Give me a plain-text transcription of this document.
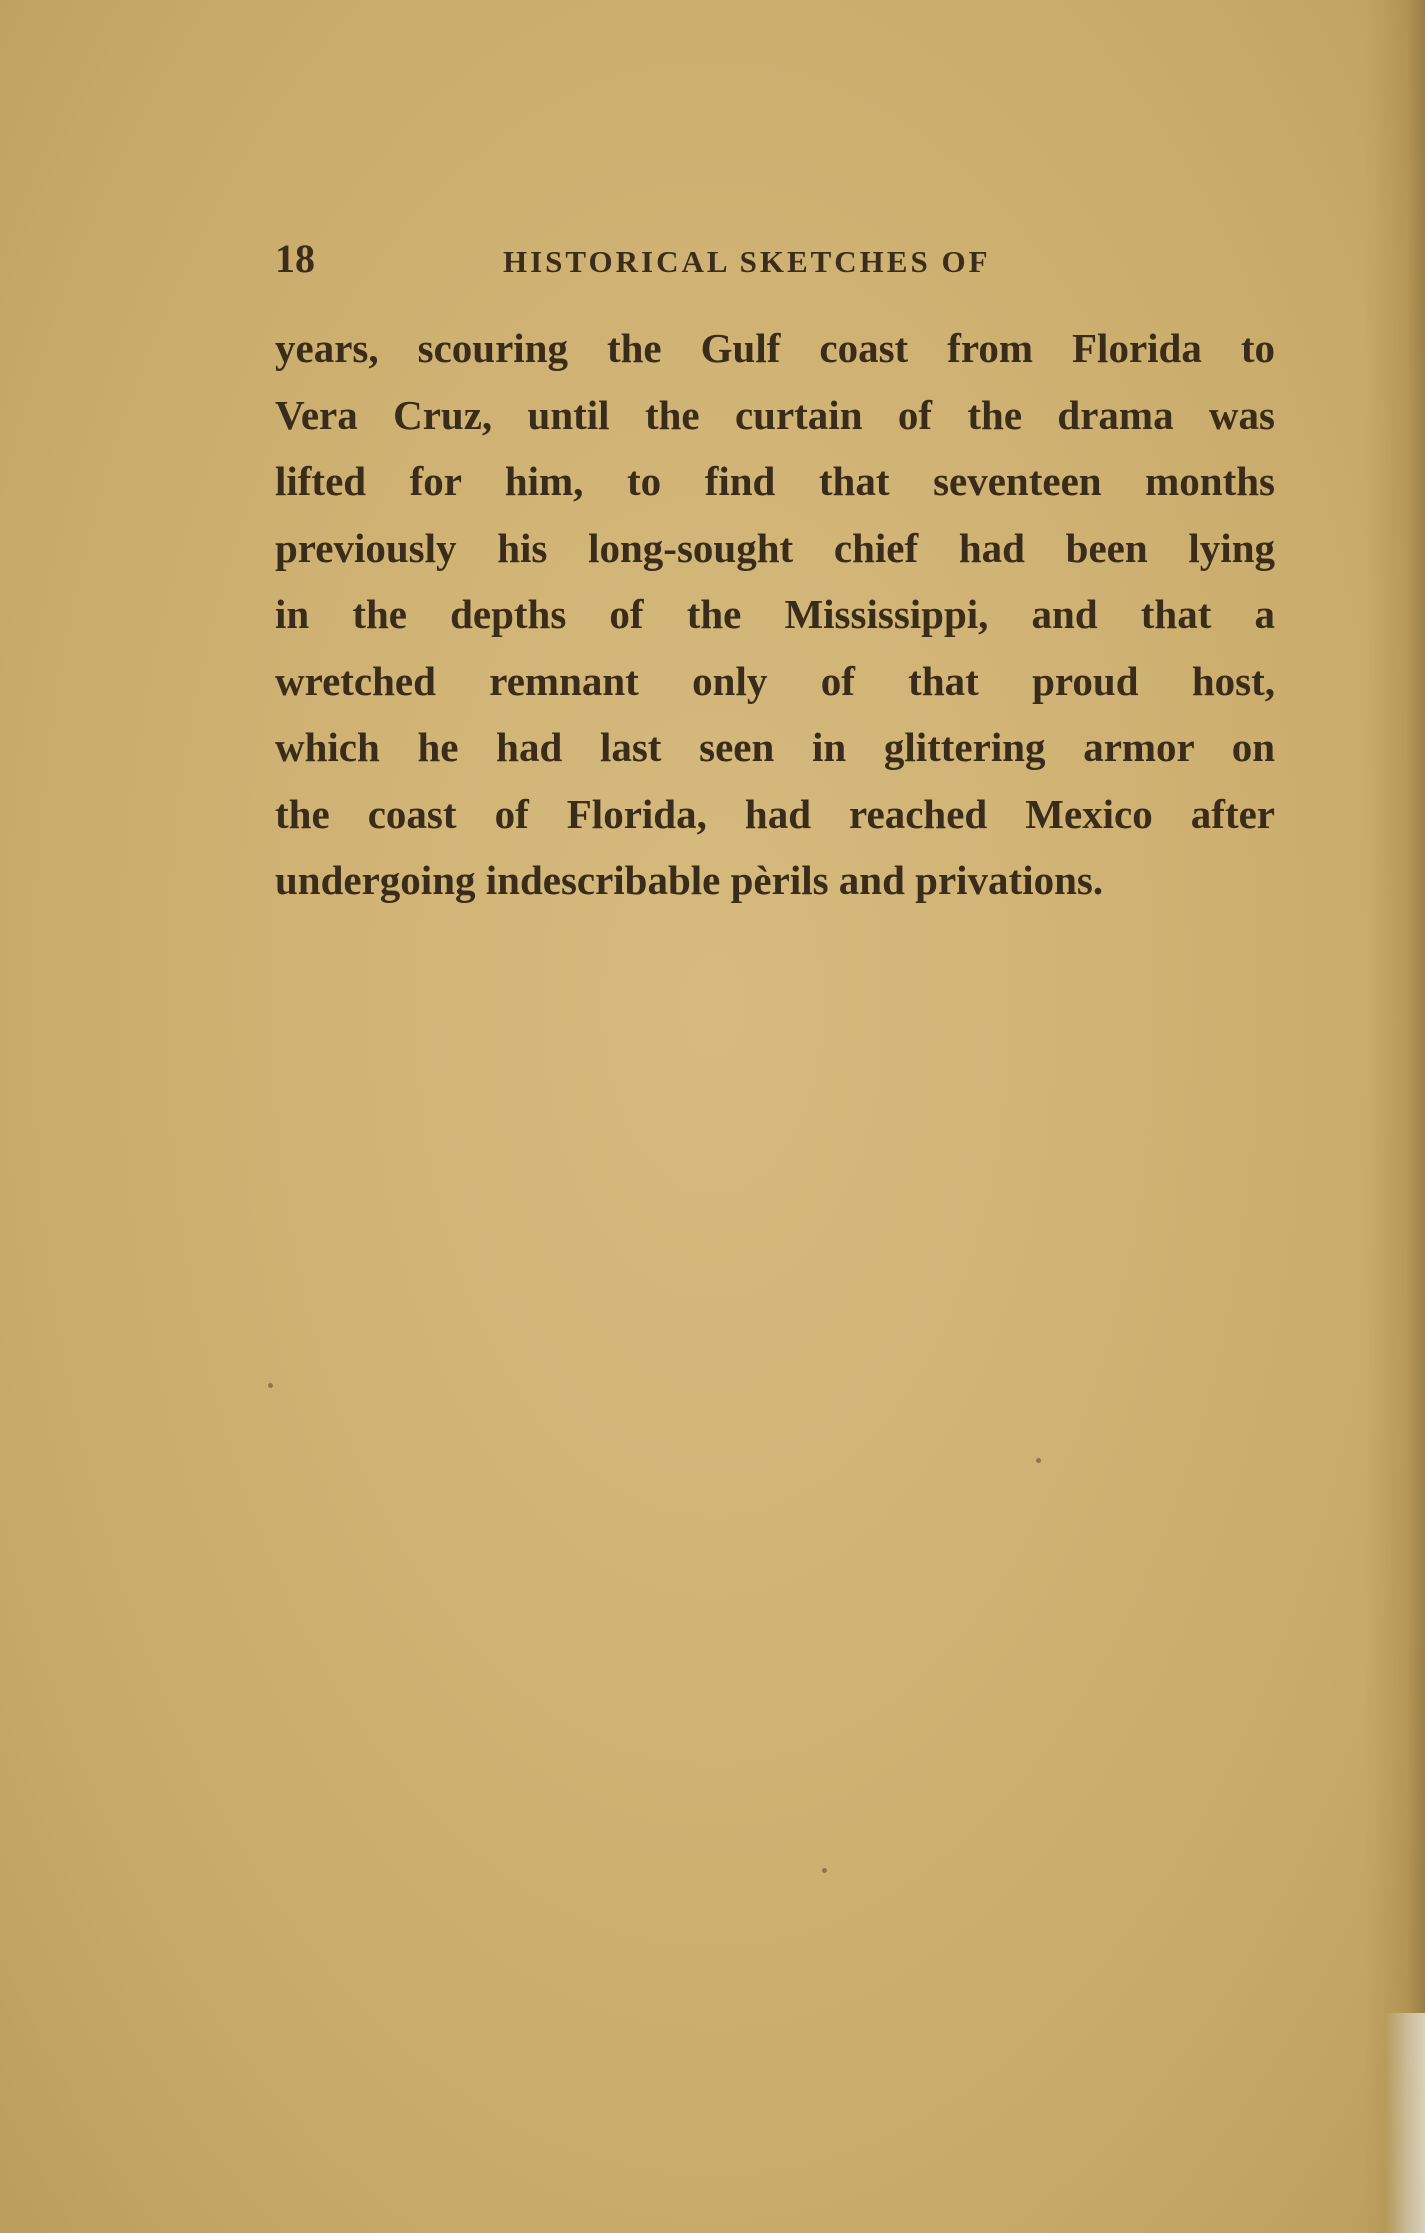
18	HISTORICAL SKETCHES OF
years, scouring the Gulf coast from Florida to
Vera Cruz, until the curtain of the drama was
lifted for him, to find that seventeen months
previously his long-sought chief had been lying
in the depths of the Mississippi, and that a
wretched remnant only of that proud host,
which he had last seen in glittering armor on
the coast of Florida, had reached Mexico after
undergoing indescribable pèrils and privations.
